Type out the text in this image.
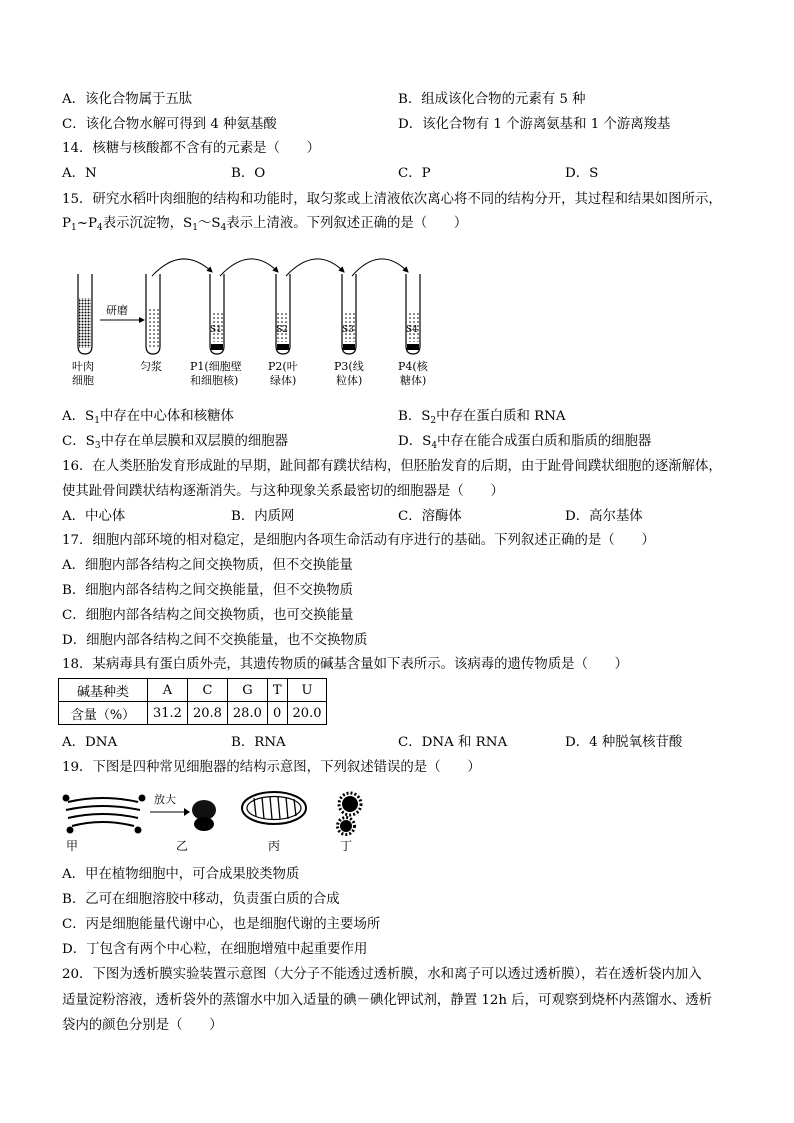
A．该化合物属于五肽	B．组成该化合物的元素有 5 种
C．该化合物水解可得到 4 种氨基酸	D．该化合物有 1 个游离氨基和 1 个游离羧基
14．核糖与核酸都不含有的元素是（　　）
A．N	B．O	C．P	D．S
15．研究水稻叶肉细胞的结构和功能时，取匀浆或上清液依次离心将不同的结构分开，其过程和结果如图所示，
$P_1\sim P_4$表示沉淀物，$S_1\sim S_4$表示上清液。下列叙述正确的是（　　）
研磨
S1	S2	S3	S4
叶肉
细胞
匀浆	P1(细胞壁
和细胞核)
P2(叶
绿体)
P3(线
粒体)
P4(核
糖体)
A．$S_1$中存在中心体和核糖体	B．$S_2$中存在蛋白质和 RNA
C．$S_3$中存在单层膜和双层膜的细胞器	D．$S_4$中存在能合成蛋白质和脂质的细胞器
16．在人类胚胎发育形成趾的早期，趾间都有蹼状结构，但胚胎发育的后期，由于趾骨间蹼状细胞的逐渐解体，
使其趾骨间蹼状结构逐渐消失。与这种现象关系最密切的细胞器是（　　）
A．中心体	B．内质网	C．溶酶体	D．高尔基体
17．细胞内部环境的相对稳定，是细胞内各项生命活动有序进行的基础。下列叙述正确的是（　　）
A．细胞内部各结构之间交换物质，但不交换能量
B．细胞内部各结构之间交换能量，但不交换物质
C．细胞内部各结构之间交换物质，也可交换能量
D．细胞内部各结构之间不交换能量，也不交换物质
18．某病毒具有蛋白质外壳，其遗传物质的碱基含量如下表所示。该病毒的遗传物质是（　　）
碱基种类	A	C	G	T	U
含量（%）	31.2	20.8	28.0	0	20.0
A．DNA	B．RNA	C．DNA 和 RNA	D．4 种脱氧核苷酸
19．下图是四种常见细胞器的结构示意图，下列叙述错误的是（　　）
放大
甲	乙	丙	丁
A．甲在植物细胞中，可合成果胶类物质
B．乙可在细胞溶胶中移动，负责蛋白质的合成
C．丙是细胞能量代谢中心，也是细胞代谢的主要场所
D．丁包含有两个中心粒，在细胞增殖中起重要作用
20．下图为透析膜实验装置示意图（大分子不能透过透析膜，水和离子可以透过透析膜），若在透析袋内加入
适量淀粉溶液，透析袋外的蒸馏水中加入适量的碘－碘化钾试剂，静置 12h 后，可观察到烧杯内蒸馏水、透析
袋内的颜色分别是（　　）
